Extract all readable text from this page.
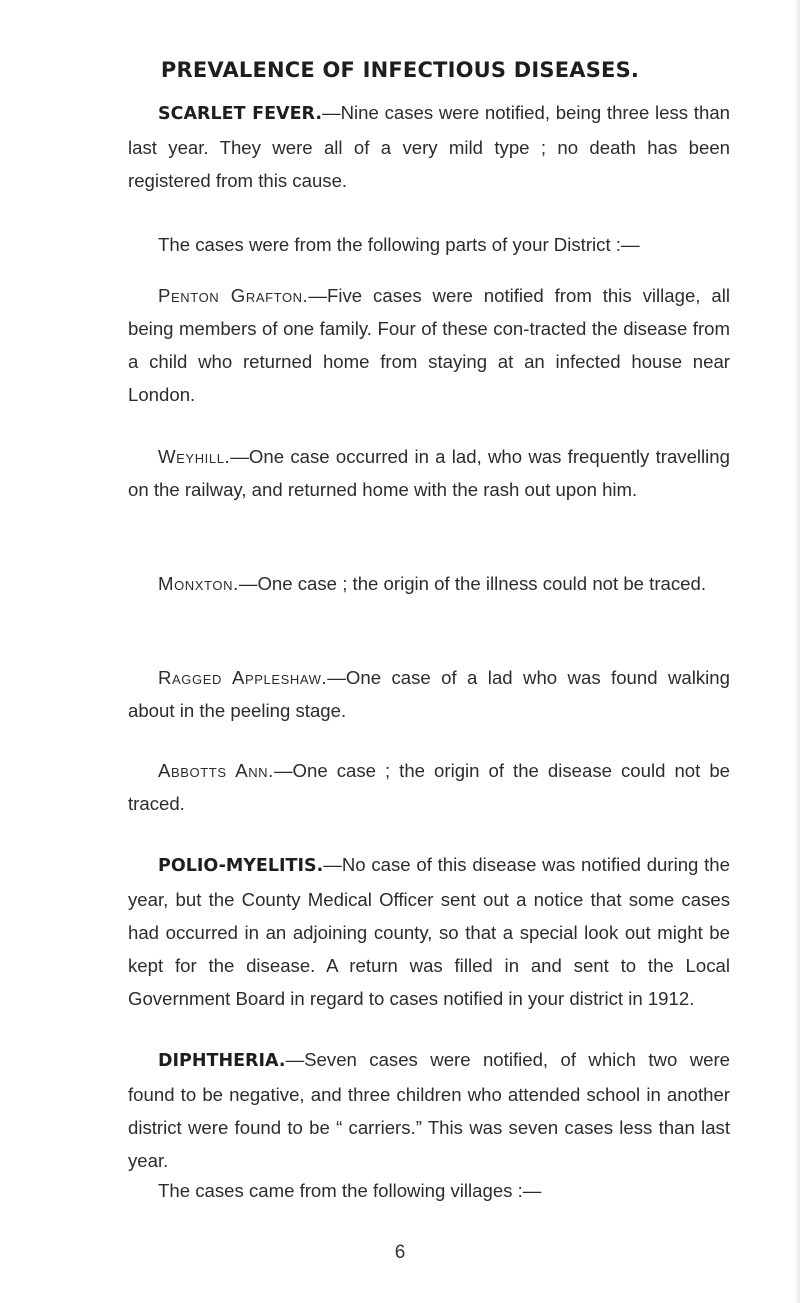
PREVALENCE OF INFECTIOUS DISEASES.

SCARLET FEVER.—Nine cases were notified, being three less than last year. They were all of a very mild type ; no death has been registered from this cause.

The cases were from the following parts of your District :—

Penton Grafton.—Five cases were notified from this village, all being members of one family. Four of these con-tracted the disease from a child who returned home from staying at an infected house near London.

Weyhill.—One case occurred in a lad, who was frequently travelling on the railway, and returned home with the rash out upon him.

Monxton.—One case ; the origin of the illness could not be traced.

Ragged Appleshaw.—One case of a lad who was found walking about in the peeling stage.

Abbotts Ann.—One case ; the origin of the disease could not be traced.

POLIO-MYELITIS.—No case of this disease was notified during the year, but the County Medical Officer sent out a notice that some cases had occurred in an adjoining county, so that a special look out might be kept for the disease. A return was filled in and sent to the Local Government Board in regard to cases notified in your district in 1912.

DIPHTHERIA.—Seven cases were notified, of which two were found to be negative, and three children who attended school in another district were found to be “ carriers.” This was seven cases less than last year.

The cases came from the following villages :—

6
